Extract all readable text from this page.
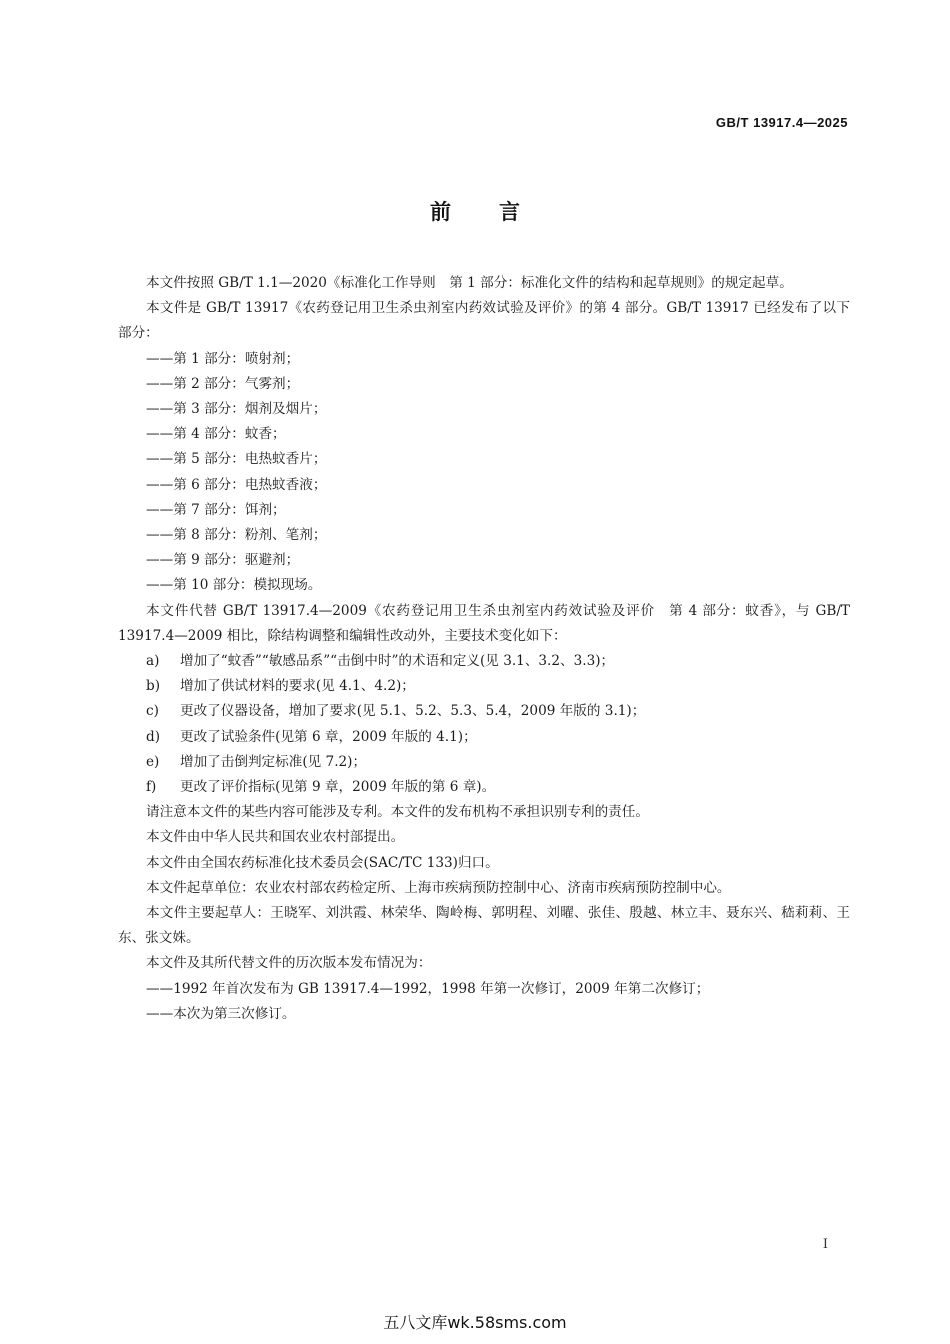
GB/T 13917.4—2025
前言

本文件按照 GB/T 1.1—2020《标准化工作导则　第 1 部分：标准化文件的结构和起草规则》的规定起草。

本文件是 GB/T 13917《农药登记用卫生杀虫剂室内药效试验及评价》的第 4 部分。GB/T 13917 已经发布了以下部分：

——第 1 部分：喷射剂；

——第 2 部分：气雾剂；

——第 3 部分：烟剂及烟片；

——第 4 部分：蚊香；

——第 5 部分：电热蚊香片；

——第 6 部分：电热蚊香液；

——第 7 部分：饵剂；

——第 8 部分：粉剂、笔剂；

——第 9 部分：驱避剂；

——第 10 部分：模拟现场。

本文件代替 GB/T 13917.4—2009《农药登记用卫生杀虫剂室内药效试验及评价　第 4 部分：蚊香》，与 GB/T 13917.4—2009 相比，除结构调整和编辑性改动外，主要技术变化如下：

a) 增加了“蚊香”“敏感品系”“击倒中时”的术语和定义(见 3.1、3.2、3.3)；

b) 增加了供试材料的要求(见 4.1、4.2)；

c) 更改了仪器设备，增加了要求(见 5.1、5.2、5.3、5.4，2009 年版的 3.1)；

d) 更改了试验条件(见第 6 章，2009 年版的 4.1)；

e) 增加了击倒判定标准(见 7.2)；

f) 更改了评价指标(见第 9 章，2009 年版的第 6 章)。

请注意本文件的某些内容可能涉及专利。本文件的发布机构不承担识别专利的责任。

本文件由中华人民共和国农业农村部提出。

本文件由全国农药标准化技术委员会(SAC/TC 133)归口。

本文件起草单位：农业农村部农药检定所、上海市疾病预防控制中心、济南市疾病预防控制中心。

本文件主要起草人：王晓军、刘洪霞、林荣华、陶岭梅、郭明程、刘曜、张佳、殷越、林立丰、聂东兴、嵇莉莉、王东、张文姝。

本文件及其所代替文件的历次版本发布情况为：

——1992 年首次发布为 GB 13917.4—1992，1998 年第一次修订，2009 年第二次修订；

——本次为第三次修订。

I
五八文库wk.58sms.com
